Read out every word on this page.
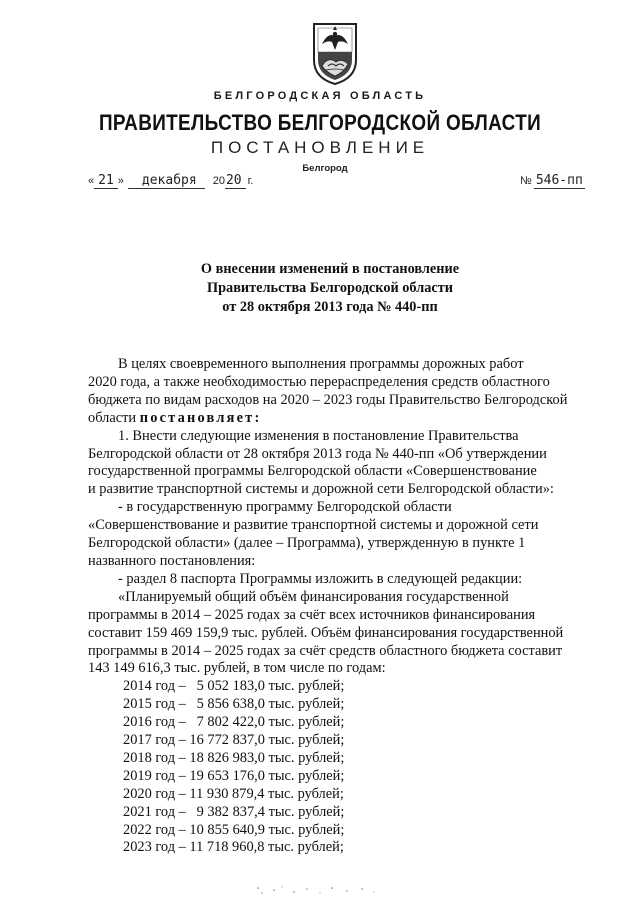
БЕЛГОРОДСКАЯ ОБЛАСТЬ
ПРАВИТЕЛЬСТВО БЕЛГОРОДСКОЙ ОБЛАСТИ
ПОСТАНОВЛЕНИЕ
Белгород
« 21 »	декабря	20 20 г.	№ 546-пп
О внесении изменений в постановление
Правительства Белгородской области
от 28 октября 2013 года № 440-пп
В целях своевременного выполнения программы дорожных работ
2020 года, а также необходимостью перераспределения средств областного
бюджета по видам расходов на 2020 – 2023 годы Правительство Белгородской
области постановляет:
1. Внести следующие изменения в постановление Правительства
Белгородской области от 28 октября 2013 года № 440-пп «Об утверждении
государственной программы Белгородской области «Совершенствование
и развитие транспортной системы и дорожной сети Белгородской области»:
- в государственную программу Белгородской области
«Совершенствование и развитие транспортной системы и дорожной сети
Белгородской области» (далее – Программа), утвержденную в пункте 1
названного постановления:
- раздел 8 паспорта Программы изложить в следующей редакции:
«Планируемый общий объём финансирования государственной
программы в 2014 – 2025 годах за счёт всех источников финансирования
составит 159 469 159,9 тыс. рублей. Объём финансирования государственной
программы в 2014 – 2025 годах за счёт средств областного бюджета составит
143 149 616,3 тыс. рублей, в том числе по годам:
2014 год –   5 052 183,0 тыс. рублей;
2015 год –   5 856 638,0 тыс. рублей;
2016 год –   7 802 422,0 тыс. рублей;
2017 год – 16 772 837,0 тыс. рублей;
2018 год – 18 826 983,0 тыс. рублей;
2019 год – 19 653 176,0 тыс. рублей;
2020 год – 11 930 879,4 тыс. рублей;
2021 год –   9 382 837,4 тыс. рублей;
2022 год – 10 855 640,9 тыс. рублей;
2023 год – 11 718 960,8 тыс. рублей;
